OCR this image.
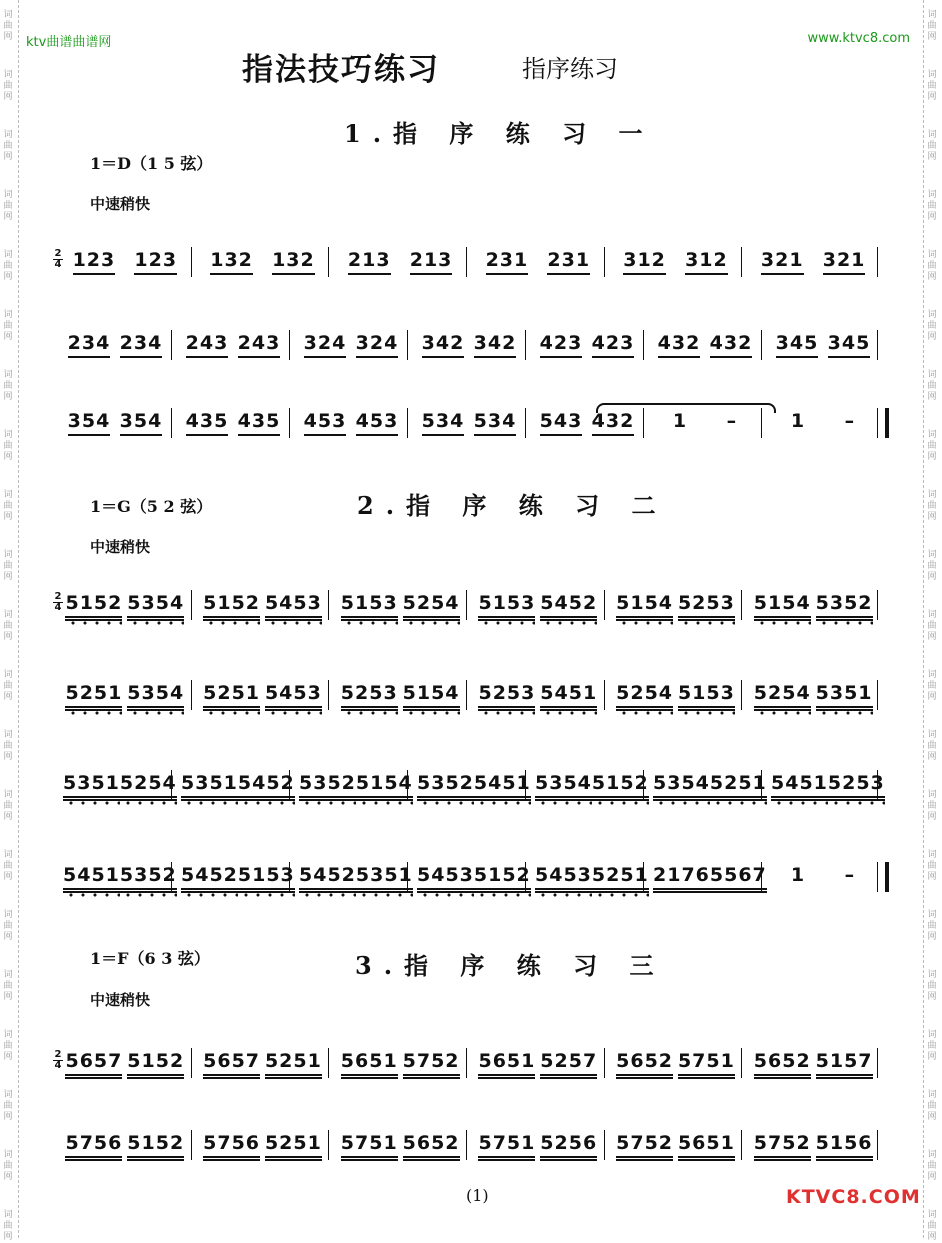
词
曲
网
词
曲
网
词
曲
网
词
曲
网
词
曲
网
词
曲
网
词
曲
网
词
曲
网
词
曲
网
词
曲
网
词
曲
网
词
曲
网
词
曲
网
词
曲
网
词
曲
网
词
曲
网
词
曲
网
词
曲
网
词
曲
网
词
曲
网
词
曲
网
词
曲
网
词
曲
网
词
曲
网
词
曲
网
词
曲
网
词
曲
网
词
曲
网
词
曲
网
词
曲
网
词
曲
网
词
曲
网
词
曲
网
词
曲
网
词
曲
网
词
曲
网
词
曲
网
词
曲
网
词
曲
网
词
曲
网
词
曲
网
词
曲
网
ktv曲谱曲谱网	www.ktvc8.com
指法技巧练习	指序练习
1.指 序 练 习 一
1＝D（1 5 弦）
中速稍快
2.指 序 练 习 二
1＝G（5 2 弦）
中速稍快
3.指 序 练 习 三
1＝F（6 3 弦）
中速稍快
2
4 123 123 132 132 213 213 231 231 312 312 321 321
234 234 243 243 324 324 342 342 423 423 432 432 345 345
354 354 435 435 453 453 534 534 543 432 1 –	1 –
2
4 5152 5354 5152 5453 5153 5254 5153 5452 5154 5253 5154 5352
5251 5354 5251 5453 5253 5154 5253 5451 5254 5153 5254 5351
5351 5254 5351 5452 5352 5154 5352 5451 5354 5152 5354 5251 5451 5253
5451 5352 5452 5153 5452 5351 5453 5152 5453 5251 2176 5567 1 –
2
4 5657 5152 5657 5251 5651 5752 5651 5257 5652 5751 5652 5157
5756 5152 5756 5251 5751 5652 5751 5256 5752 5651 5752 5156
(1)	KTVC8.COM
